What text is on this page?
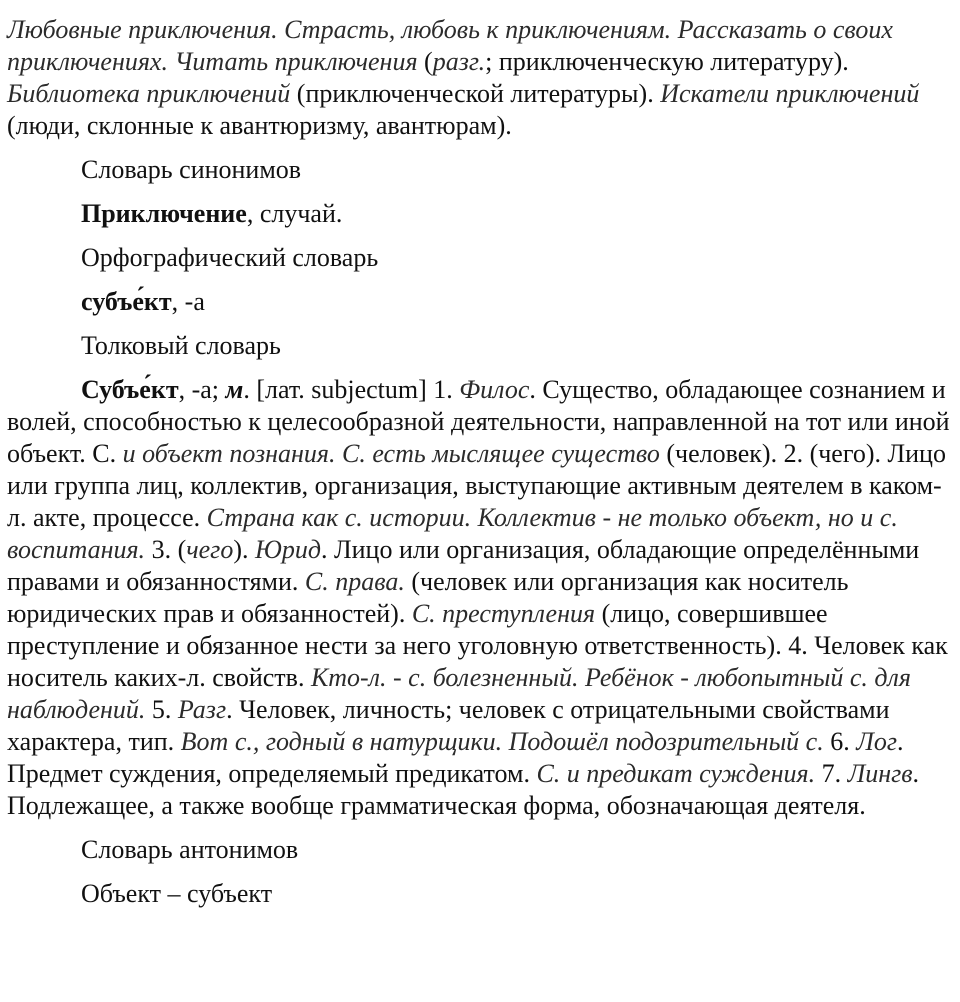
Любовные приключения. Страсть, любовь к приключениям. Рассказать о своих приключениях. Читать приключения (разг.; приключенческую литературу). Библиотека приключений (приключенческой литературы). Искатели приключений (люди, склонные к авантюризму, авантюрам).

Словарь синонимов

Приключение, случай.

Орфографический словарь

субъе́кт, -а

Толковый словарь

Субъе́кт, -а; м. [лат. subjectum] 1. Филос. Существо, обладающее сознанием и волей, способностью к целесообразной деятельности, направленной на тот или иной объект. С. и объект познания. С. есть мыслящее существо (человек). 2. (чего). Лицо или группа лиц, коллектив, организация, выступающие активным деятелем в каком-л. акте, процессе. Страна как с. истории. Коллектив - не только объект, но и с. воспитания. 3. (чего). Юрид. Лицо или организация, обладающие определёнными правами и обязанностями. С. права. (человек или организация как носитель юридических прав и обязанностей). С. преступления (лицо, совершившее преступление и обязанное нести за него уголовную ответственность). 4. Человек как носитель каких-л. свойств. Кто-л. - с. болезненный. Ребёнок - любопытный с. для наблюдений. 5. Разг. Человек, личность; человек с отрицательными свойствами характера, тип. Вот с., годный в натурщики. Подошёл подозрительный с. 6. Лог. Предмет суждения, определяемый предикатом. С. и предикат суждения. 7. Лингв. Подлежащее, а также вообще грамматическая форма, обозначающая деятеля.

Словарь антонимов

Объект – субъект
